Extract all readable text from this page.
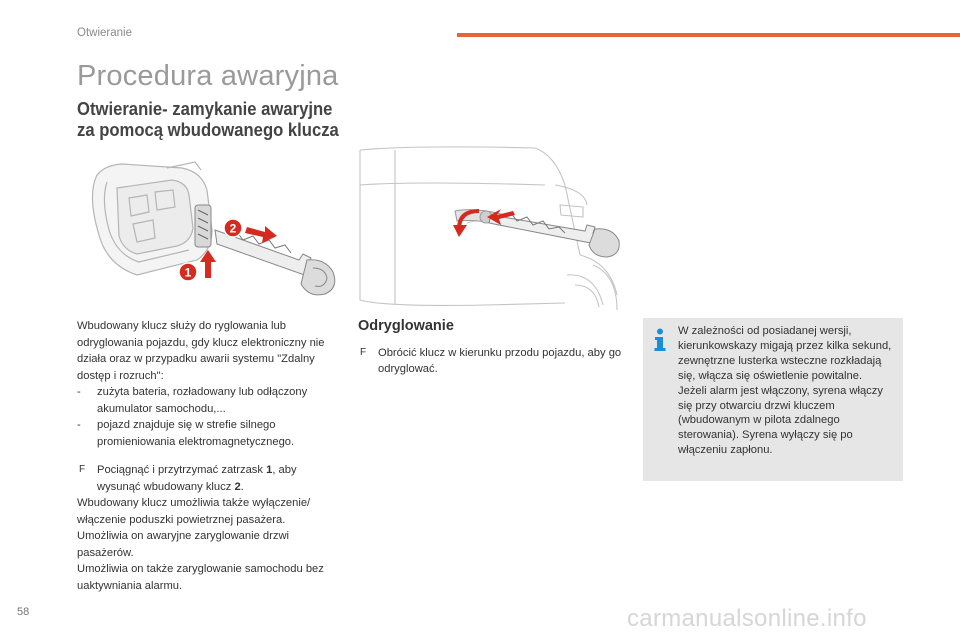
Otwieranie
Procedura awaryjna
Otwieranie- zamykanie awaryjne
za pomocą wbudowanego klucza
1
2

Wbudowany klucz służy do ryglowania lub odryglowania pojazdu, gdy klucz elektroniczny nie działa oraz w przypadku awarii systemu "Zdalny dostęp i rozruch":

- zużyta bateria, rozładowany lub odłączony akumulator samochodu,...
- pojazd znajduje się w strefie silnego promieniowania elektromagnetycznego.
F Pociągnąć i przytrzymać zatrzask 1, aby wysunąć wbudowany klucz 2.

Wbudowany klucz umożliwia także wyłączenie/ włączenie poduszki powietrznej pasażera.

Umożliwia on awaryjne zaryglowanie drzwi pasażerów.

Umożliwia on także zaryglowanie samochodu bez uaktywniania alarmu.

Odryglowanie
F Obrócić klucz w kierunku przodu pojazdu, aby go odryglować.

W zależności od posiadanej wersji, kierunkowskazy migają przez kilka sekund, zewnętrzne lusterka wsteczne rozkładają się, włącza się oświetlenie powitalne.

Jeżeli alarm jest włączony, syrena włączy się przy otwarciu drzwi kluczem (wbudowanym w pilota zdalnego sterowania). Syrena wyłączy się po włączeniu zapłonu.

58	carmanualsonline.info
